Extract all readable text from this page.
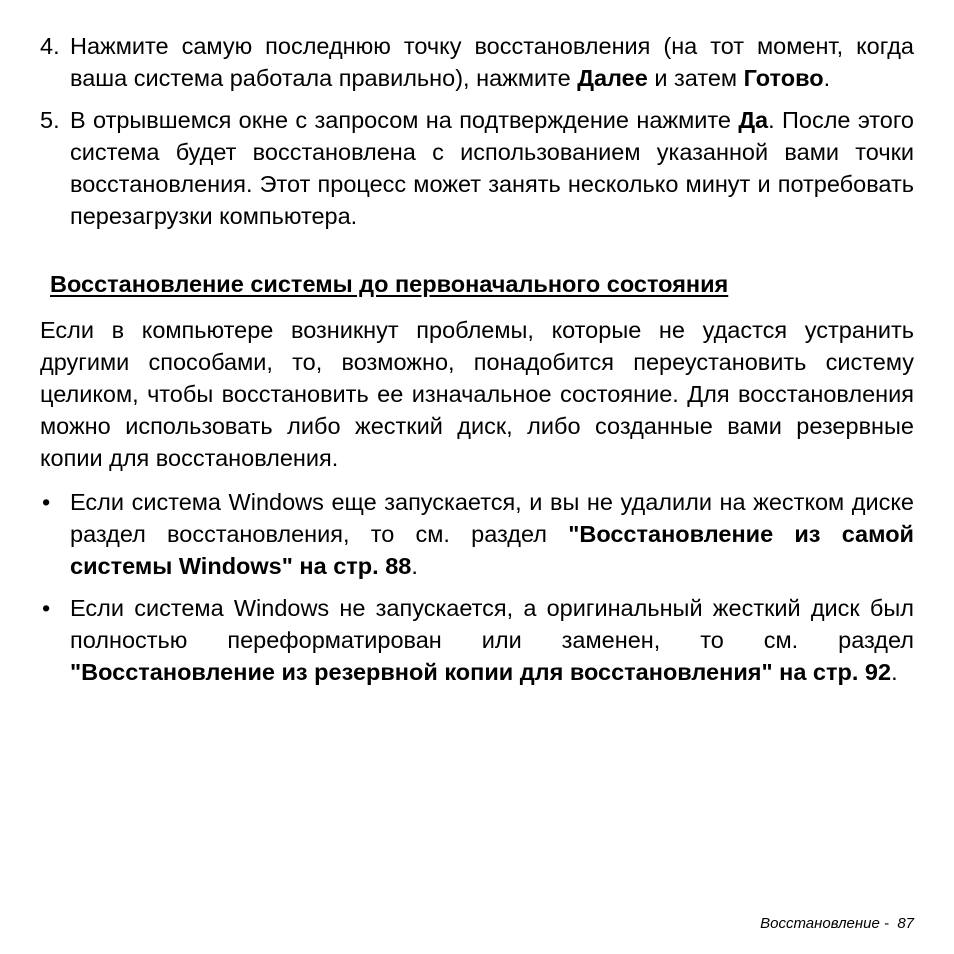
4. Нажмите самую последнюю точку восстановления (на тот момент, когда ваша система работала правильно), нажмите Далее и затем Готово.
5. В отрывшемся окне с запросом на подтверждение нажмите Да. После этого система будет восстановлена с использованием указанной вами точки восстановления. Этот процесс может занять несколько минут и потребовать перезагрузки компьютера.
Восстановление системы до первоначального состояния
Если в компьютере возникнут проблемы, которые не удастся устранить другими способами, то, возможно, понадобится переустановить систему целиком, чтобы восстановить ее изначальное состояние. Для восстановления можно использовать либо жесткий диск, либо созданные вами резервные копии для восстановления.
• Если система Windows еще запускается, и вы не удалили на жестком диске раздел восстановления, то см. раздел "Восстановление из самой системы Windows" на стр. 88.
• Если система Windows не запускается, а оригинальный жесткий диск был полностью переформатирован или заменен, то см. раздел "Восстановление из резервной копии для восстановления" на стр. 92.
Восстановление -  87
